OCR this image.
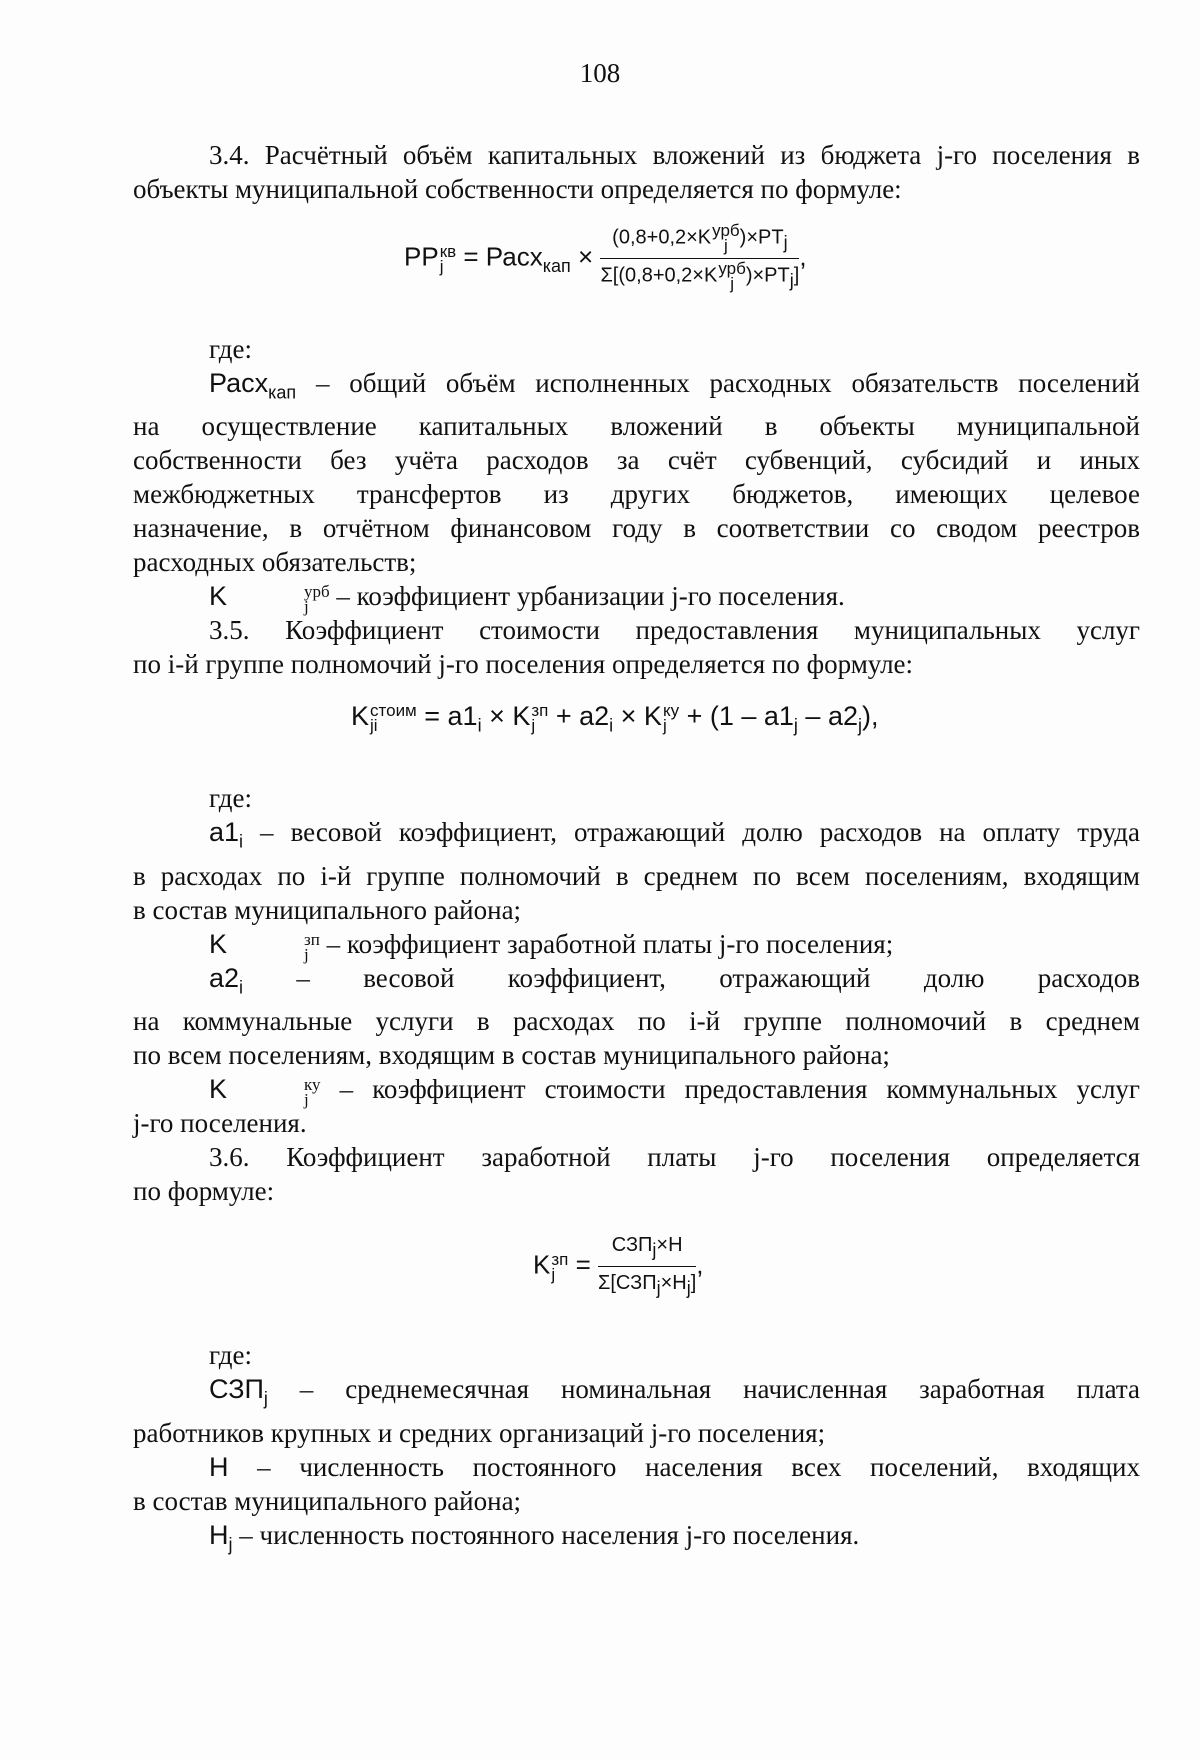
108

3.4. Расчётный объём капитальных вложений из бюджета j-го поселения в объекты муниципальной собственности определяется по формуле:

PP кв
j = Расх$_{кап}$ × (0,8+0,2×K урб
j )$\times PT_j$
Σ[(0,8+0,2×K урб
j )$\times PT_j$] ,

где:

Расх$_{кап}$ – общий объём исполненных расходных обязательств поселений

на осуществление капитальных вложений в объекты муниципальной

собственности без учёта расходов за счёт субвенций, субсидий и иных

межбюджетных трансфертов из других бюджетов, имеющих целевое

назначение, в отчётном финансовом году в соответствии со сводом реестров

расходных обязательств;

K	урб
j – коэффициент урбанизации j-го поселения.

3.5. Коэффициент стоимости предоставления муниципальных услуг

по i-й группе полномочий j-го поселения определяется по формуле:

K стоим
ji	= $a1_i \times K$ зп
$j + a2_i \times K$ ку
$j + (1 - a1_j - a2_j)$,

где:

$a1_i$ – весовой коэффициент, отражающий долю расходов на оплату труда

в расходах по i-й группе полномочий в среднем по всем поселениям, входящим

в состав муниципального района;

K	зп
j – коэффициент заработной платы j-го поселения;

$a2_i$ – весовой коэффициент, отражающий долю расходов

на коммунальные услуги в расходах по i-й группе полномочий в среднем

по всем поселениям, входящим в состав муниципального района;

K	ку
j – коэффициент стоимости предоставления коммунальных услуг

j-го поселения.

3.6. Коэффициент заработной платы j-го поселения определяется

по формуле:

K зп
$j = \frac{СЗП_j\times H}{\Sigma[СЗП_j\times H_j]}$ ,

где:

$СЗП_j$ – среднемесячная номинальная начисленная заработная плата

работников крупных и средних организаций j-го поселения;

H – численность постоянного населения всех поселений, входящих

в состав муниципального района;

$H_j$ – численность постоянного населения j-го поселения.
